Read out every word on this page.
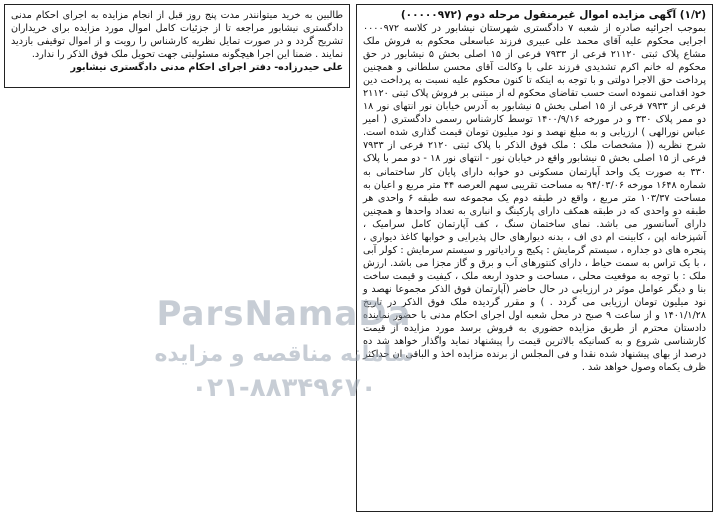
طالبین به خرید میتوانندر مدت پنج روز قبل از انجام مزایده به اجرای احکام مدنی دادگستری نیشابور مراجعه تا از جزئیات کامل اموال مورد مزایده برای خریداران تشریح گردد و در صورت تمایل نظریه کارشناس را رویت و از اموال توقیفی بازدید نمایند . ضمنا این اجرا هیچگونه مسئولیتی جهت تحویل ملک فوق الذکر را ندارد.

علی حیدرزاده- دفتر اجرای احکام مدنی دادگستری نیشابور

(۱/۲) آگهی مزایده اموال غیرمنقول مرحله دوم (۰۰۰۰۰۹۷۲)

بموجب اجرائیه صادره از شعبه ۷ دادگستری شهرستان نیشابور در کلاسه ۰۰۰۰۹۷۲ اجرایی محکوم علیه آقای محمد علی عبیری فرزند عباسعلی محکوم به فروش ملک مشاع پلاک ثبتی ۲۱۱۲۰ فرعی از ۷۹۳۳ فرعی از ۱۵ اصلی بخش ۵ نیشابور در حق محکوم له خانم اکرم تشدیدی فرزند علی با وکالت آقای محسن سلطانی و همچنین پرداخت حق الاجرا دولتی و با توجه به اینکه تا کنون محکوم علیه نسبت به پرداخت دین خود اقدامی ننموده است حسب تقاضای محکوم له از مبتنی بر فروش پلاک ثبتی ۲۱۱۲۰ فرعی از ۷۹۳۳ فرعی از ۱۵ اصلی بخش ۵ نیشابور به آدرس خیابان نور انتهای نور ۱۸ دو ممر پلاک ۳۳۰ و در مورخه ۱۴۰۰/۹/۱۶ توسط کارشناس رسمی دادگستری ( امیر عباس نورالهی ) ارزیابی و به مبلغ نهصد و نود میلیون تومان قیمت گذاری شده است. شرح نظریه (( مشخصات ملک : ملک فوق الذکر با پلاک ثبتی ۲۱۲۰ فرعی از ۷۹۳۳ فرعی از ۱۵ اصلی بخش ۵ نیشابور واقع در خیابان نور - انتهای نور ۱۸ - دو ممر با پلاک ۳۳۰ به صورت یک واحد آپارتمان مسکونی دو خوابه دارای پایان کار ساختمانی به شماره ۱۶۴۸ مورخه ۹۴/۰۳/۰۶ به مساحت تقریبی سهم العرصه ۴۴ متر مربع و اعیان به مساحت ۱۰۳/۳۷ متر مربع ، واقع در طبقه دوم یک مجموعه سه طبقه ۶ واحدی هر طبقه دو واحدی که در طبقه همکف دارای پارکینگ و انباری به تعداد واحدها و همچنین دارای آسانسور می باشد. نمای ساختمان سنگ ، کف آپارتمان کامل سرامیک ، آشپزخانه اپن ، کابینت ام دی اف ، بدنه دیوارهای حال پذیرایی و خوابها کاغذ دیواری ، پنجره های دو جداره ، سیستم گرمایش : پکیج و رادیاتور و سیستم سرمایش : کولر آبی ، با یک تراس به سمت حیاط ، دارای کنتورهای آب و برق و گاز مجزا می باشد. ارزش ملک : با توجه به موقعیت محلی ، مساحت و حدود اربعه ملک ، کیفیت و قیمت ساخت بنا و دیگر عوامل موثر در ارزیابی در حال حاضر (آپارتمان فوق الذکر مجموعا نهصد و نود میلیون تومان ارزیابی می گردد . ) و مقرر گردیده ملک فوق الذکر در تاریخ ۱۴۰۱/۱/۲۸ و از ساعت ۹ صبح در محل شعبه اول اجرای احکام مدنی با حضور نماینده دادستان محترم از طریق مزایده حضوری به فروش برسد مورد مزایده از قیمت کارشناسی شروع و به کسانیکه بالاترین قیمت را پیشنهاد نماید واگذار خواهد شد ده درصد از بهای پیشنهاد شده نقدا و فی المجلس از برنده مزایده اخذ و الباقی ان حداکثر ظرف یکماه وصول خواهد شد .

ParsNamaDa
سامانه مناقصه و مزایده
۰۲۱-۸۸۳۴۹۶۷۰
